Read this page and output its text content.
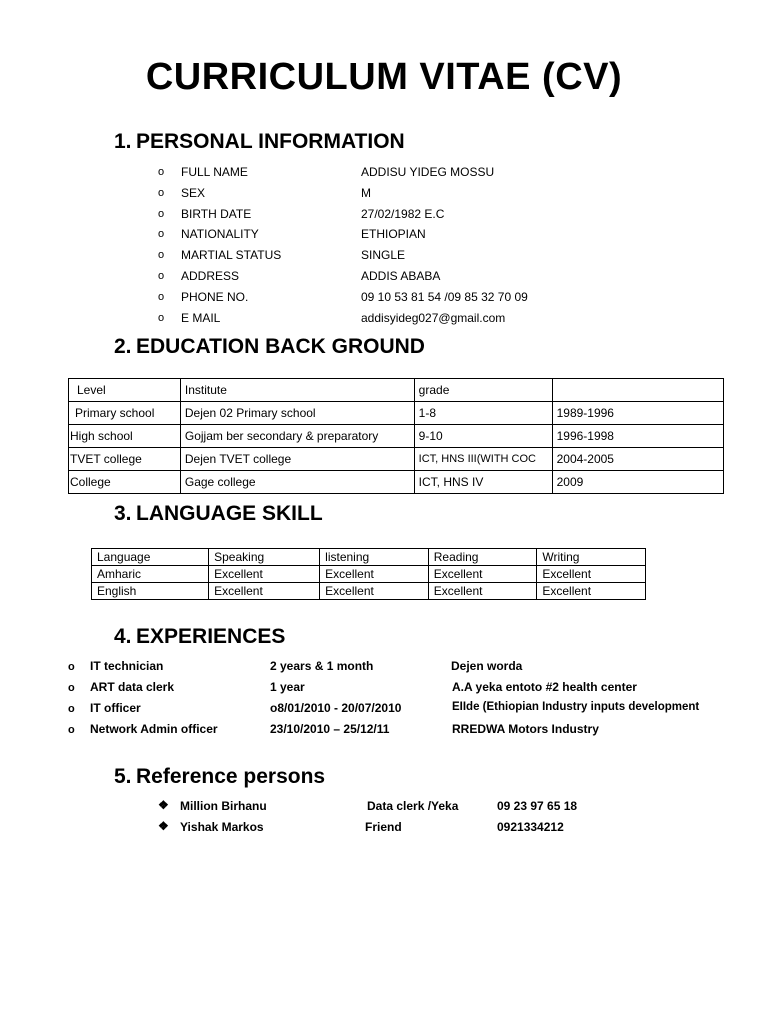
CURRICULUM VITAE (CV)
1. PERSONAL INFORMATION
o FULL NAME	ADDISU YIDEG MOSSU
o SEX	M
o BIRTH DATE	27/02/1982 E.C
o NATIONALITY	ETHIOPIAN
o MARTIAL STATUS	SINGLE
o ADDRESS	ADDIS ABABA
o PHONE NO.	09 10 53 81 54 /09 85 32 70 09
o E MAIL	addisyideg027@gmail.com
2. EDUCATION BACK GROUND
Level	Institute	grade	
Primary school	Dejen 02 Primary school	1-8	1989-1996
High school	Gojjam ber secondary & preparatory	9-10	1996-1998
TVET college	Dejen TVET college	ICT, HNS III(WITH COC	2004-2005
College	Gage college	ICT, HNS IV	2009
3. LANGUAGE SKILL
Language	Speaking	listening	Reading	Writing
Amharic	Excellent	Excellent	Excellent	Excellent
English	Excellent	Excellent	Excellent	Excellent
4. EXPERIENCES
o IT technician	2 years & 1 month	Dejen worda
o ART data clerk	1 year	A.A yeka entoto #2 health center
o IT officer	o8/01/2010 - 20/07/2010	EIIde (Ethiopian Industry inputs development
o Network Admin officer	23/10/2010 – 25/12/11	RREDWA Motors Industry
5. Reference persons
❖ Million Birhanu	Data clerk /Yeka	09 23 97 65 18
❖ Yishak Markos	Friend	0921334212
